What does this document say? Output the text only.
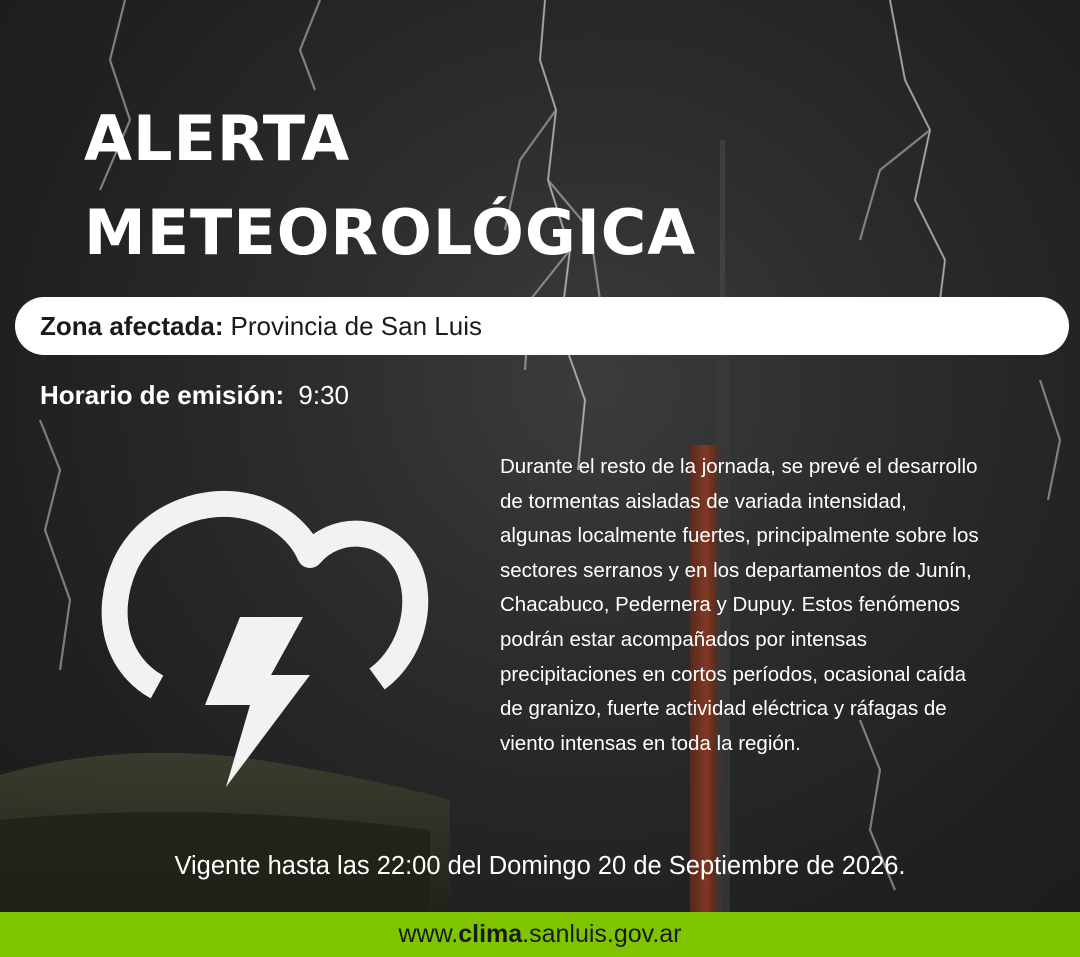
ALERTA
METEOROLÓGICA
Zona afectada: Provincia de San Luis
Horario de emisión: 9:30

Durante el resto de la jornada, se prevé el desarrollo de tormentas aisladas de variada intensidad, algunas localmente fuertes, principalmente sobre los sectores serranos y en los departamentos de Junín, Chacabuco, Pedernera y Dupuy. Estos fenómenos podrán estar acompañados por intensas precipitaciones en cortos períodos, ocasional caída de granizo, fuerte actividad eléctrica y ráfagas de viento intensas en toda la región.

Vigente hasta las 22:00 del Domingo 20 de Septiembre de 2026.
www. clima .sanluis.gov.ar
